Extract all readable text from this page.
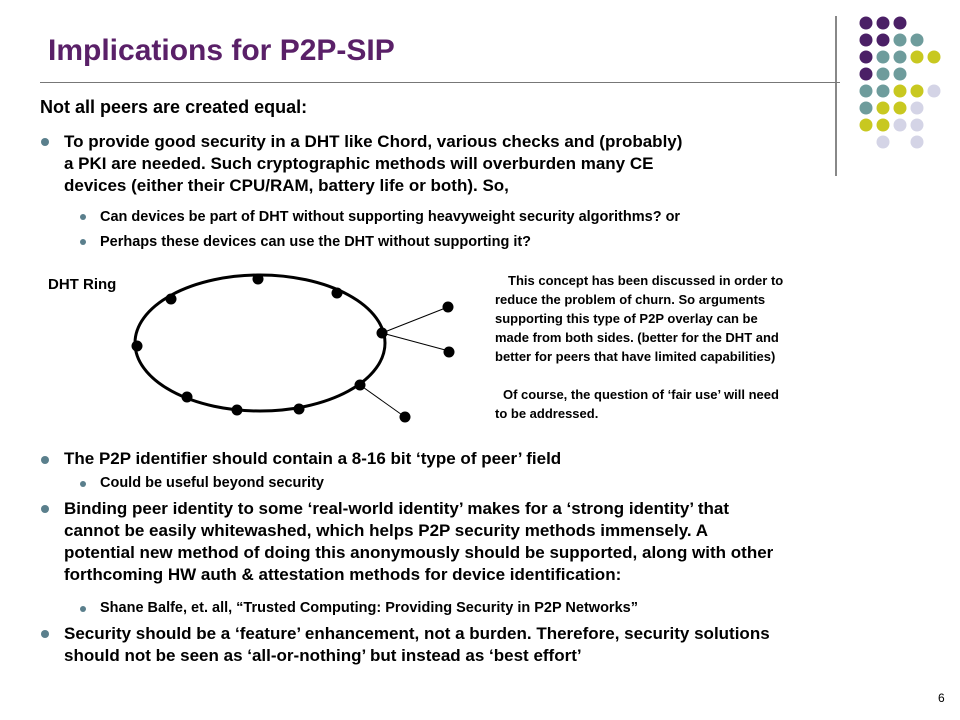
Implications for P2P-SIP
Not all peers are created equal:
To provide good security in a DHT like Chord, various checks and (probably)
a PKI are needed. Such cryptographic methods will overburden many CE
devices (either their CPU/RAM, battery life or both). So,
Can devices be part of DHT without supporting heavyweight security algorithms? or
Perhaps these devices can use the DHT without supporting it?
DHT Ring	This concept has been discussed in order to
reduce the problem of churn. So arguments
supporting this type of P2P overlay can be
made from both sides. (better for the DHT and
better for peers that have limited capabilities)
Of course, the question of ‘fair use’ will need
to be addressed.
The P2P identifier should contain a 8-16 bit ‘type of peer’ field
Could be useful beyond security
Binding peer identity to some ‘real-world identity’ makes for a ‘strong identity’ that
cannot be easily whitewashed, which helps P2P security methods immensely. A
potential new method of doing this anonymously should be supported, along with other
forthcoming HW auth & attestation methods for device identification:
Shane Balfe, et. all, “Trusted Computing: Providing Security in P2P Networks”
Security should be a ‘feature’ enhancement, not a burden. Therefore, security solutions
should not be seen as ‘all-or-nothing’ but instead as ‘best effort’
6
